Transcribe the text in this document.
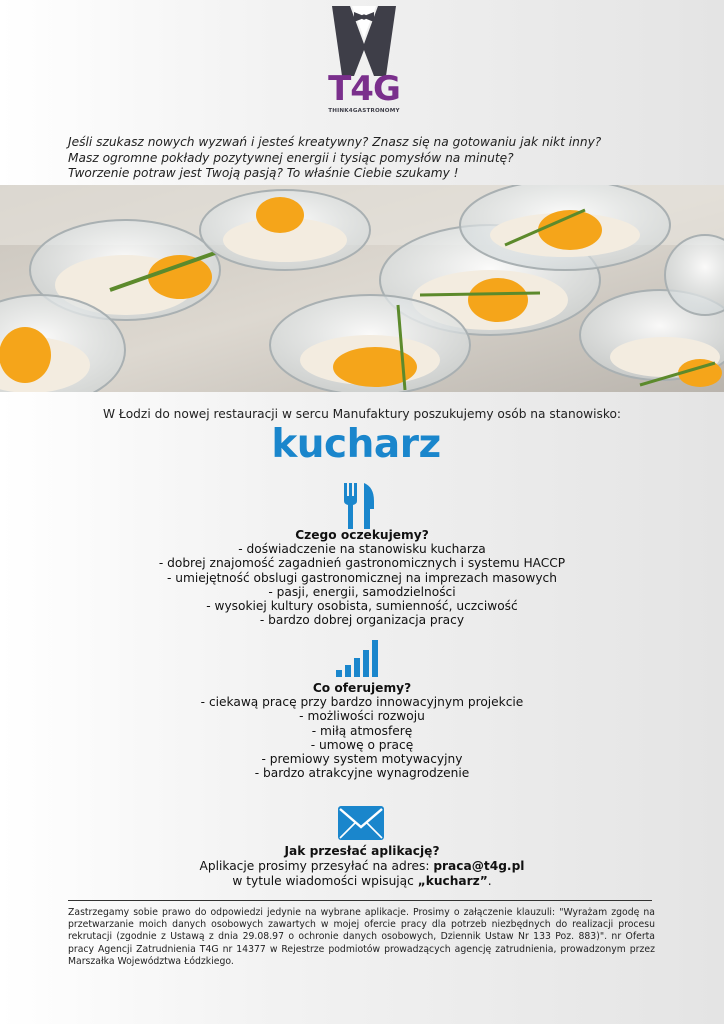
T4G
THINK4GASTRONOMY
Jeśli szukasz nowych wyzwań i jesteś kreatywny? Znasz się na gotowaniu jak nikt inny?
Masz ogromne pokłady pozytywnej energii i tysiąc pomysłów na minutę?
Tworzenie potraw jest Twoją pasją? To właśnie Ciebie szukamy !
W Łodzi do nowej restauracji w sercu Manufaktury poszukujemy osób na stanowisko:
kucharz
Czego oczekujemy?
- doświadczenie na stanowisku kucharza
- dobrej znajomość zagadnień gastronomicznych i systemu HACCP
- umiejętność obslugi gastronomicznej na imprezach masowych
- pasji, energii, samodzielności
- wysokiej kultury osobista, sumienność, uczciwość
- bardzo dobrej organizacja pracy
Co oferujemy?
- ciekawą pracę przy bardzo innowacyjnym projekcie
- możliwości rozwoju
- miłą atmosferę
- umowę o pracę
- premiowy system motywacyjny
- bardzo atrakcyjne wynagrodzenie
Jak przesłać aplikację?
Aplikacje prosimy przesyłać na adres: praca@t4g.pl
w tytule wiadomości wpisując „kucharz”.
Zastrzegamy sobie prawo do odpowiedzi jedynie na wybrane aplikacje. Prosimy o załączenie klauzuli: "Wyrażam zgodę na przetwarzanie moich danych osobowych zawartych w mojej ofercie pracy dla potrzeb niezbędnych do realizacji procesu rekrutacji (zgodnie z Ustawą z dnia 29.08.97 o ochronie danych osobowych, Dziennik Ustaw Nr 133 Poz. 883)". nr Oferta pracy Agencji Zatrudnienia T4G nr 14377 w Rejestrze podmiotów prowadzących agencję zatrudnienia, prowadzonym przez Marszałka Województwa Łódzkiego.
